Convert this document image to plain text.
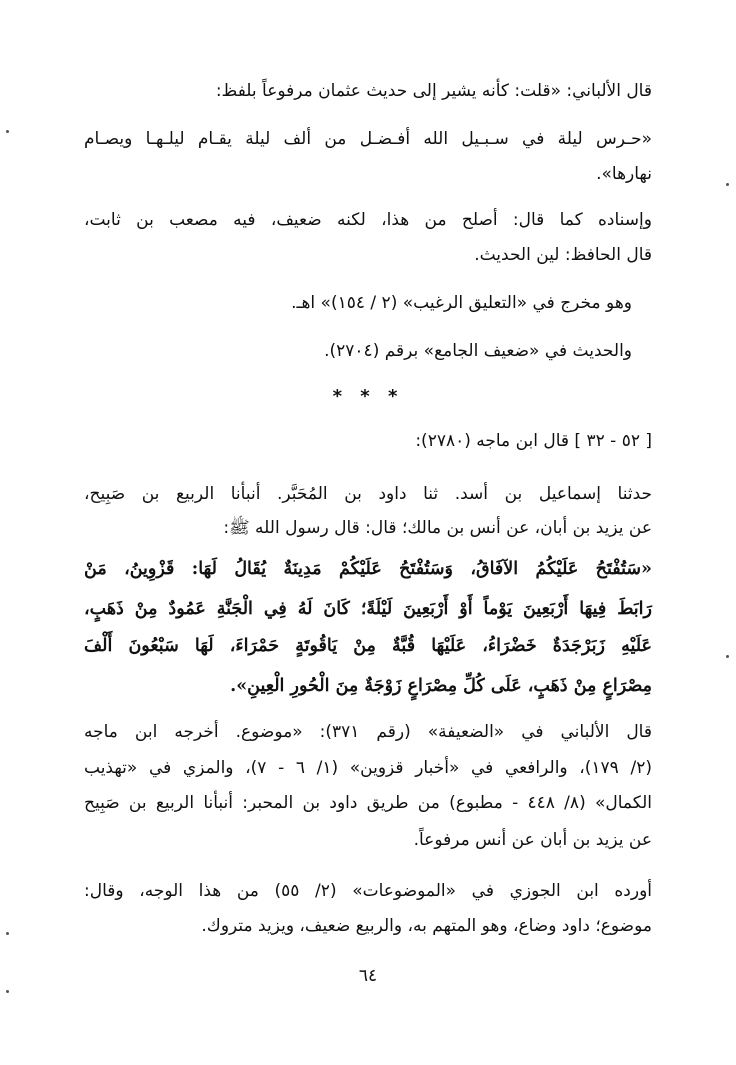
قال الألباني: «قلت: كأنه يشير إلى حديث عثمان مرفوعاً بلفظ:
«حـرس ليلة في سـبـيل الله أفـضـل من ألف ليلة يقـام ليلـهـا ويصـام
نهارها».
وإسناده كما قال: أصلح من هذا، لكنه ضعيف، فيه مصعب بن ثابت،
قال الحافظ: لين الحديث.
وهو مخرج في «التعليق الرغيب» (٢ / ١٥٤)» اهـ.
والحديث في «ضعيف الجامع» برقم (٢٧٠٤).
* * *
[ ٥٢ - ٣٢ ] قال ابن ماجه (٢٧٨٠):
حدثنا إسماعيل بن أسد. ثنا داود بن المُحَبَّر. أنبأنا الربيع بن صَبِيح،
عن يزيد بن أبان، عن أنس بن مالك؛ قال: قال رسول الله ﷺ:
«سَتُفْتَحُ عَلَيْكُمُ الآفَاقُ، وَسَتُفْتَحُ عَلَيْكُمْ مَدِينَةٌ يُقَالُ لَهَا: قَزْوِينُ، مَنْ
رَابَطَ فِيهَا أَرْبَعِينَ يَوْماً أَوْ أَرْبَعِينَ لَيْلَةً؛ كَانَ لَهُ فِي الْجَنَّةِ عَمُودٌ مِنْ ذَهَبٍ،
عَلَيْهِ زَبَرْجَدَةٌ خَضْرَاءُ، عَلَيْهَا قُبَّةٌ مِنْ يَاقُوتَةٍ حَمْرَاءَ، لَهَا سَبْعُونَ أَلْفَ
مِصْرَاعٍ مِنْ ذَهَبٍ، عَلَى كُلِّ مِصْرَاعٍ زَوْجَةٌ مِنَ الْحُورِ الْعِينِ».
قال الألباني في «الضعيفة» (رقم ٣٧١): «موضوع. أخرجه ابن ماجه
(٢/ ١٧٩)، والرافعي في «أخبار قزوين» (١/ ٦ - ٧)، والمزي في «تهذيب
الكمال» (٨/ ٤٤٨ - مطبوع) من طريق داود بن المحبر: أنبأنا الربيع بن صَبِيح
عن يزيد بن أبان عن أنس مرفوعاً.
أورده ابن الجوزي في «الموضوعات» (٢/ ٥٥) من هذا الوجه، وقال:
موضوع؛ داود وضاع، وهو المتهم به، والربيع ضعيف، ويزيد متروك.
٦٤
